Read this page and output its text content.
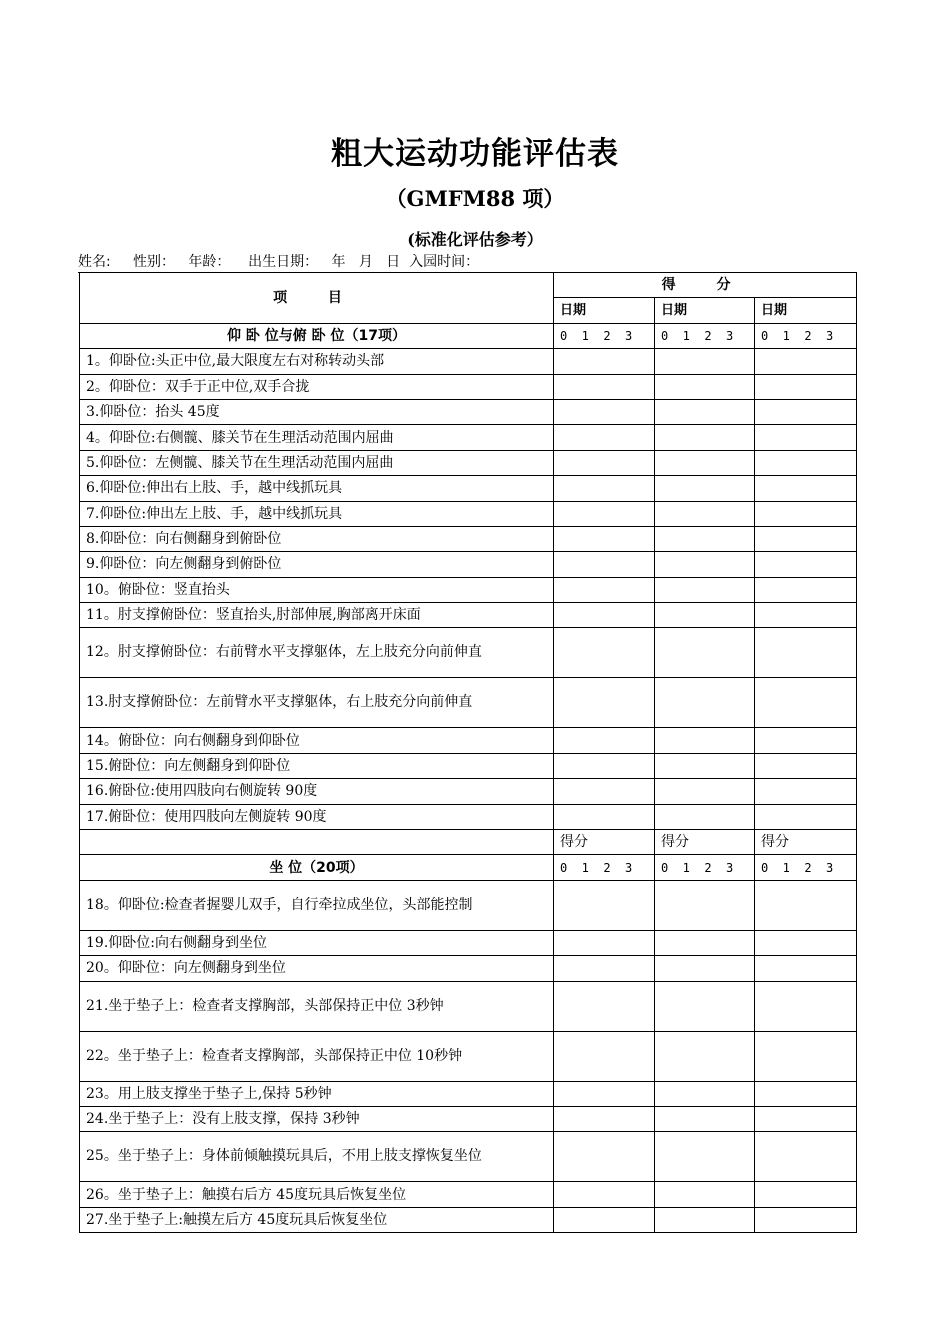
粗大运动功能评估表
（GMFM88 项）
(标准化评估参考）
姓名:     性别：   年龄：    出生日期：   年   月   日  入园时间：
项 目	得 分		
	日期	日期	日期
仰 卧 位与俯 卧 位（17项）	0  1  2  3	0  1  2  3	0  1  2  3
1。仰卧位:头正中位,最大限度左右对称转动头部			
2。仰卧位：双手于正中位,双手合拢			
3.仰卧位：抬头 45度			
4。仰卧位:右侧髋、膝关节在生理活动范围内屈曲			
5.仰卧位：左侧髋、膝关节在生理活动范围内屈曲			
6.仰卧位:伸出右上肢、手，越中线抓玩具			
7.仰卧位:伸出左上肢、手，越中线抓玩具			
8.仰卧位：向右侧翻身到俯卧位			
9.仰卧位：向左侧翻身到俯卧位			
10。俯卧位：竖直抬头			
11。肘支撑俯卧位：竖直抬头,肘部伸展,胸部离开床面			
12。肘支撑俯卧位：右前臂水平支撑躯体，左上肢充分向前伸直			
13.肘支撑俯卧位：左前臂水平支撑躯体，右上肢充分向前伸直			
14。俯卧位：向右侧翻身到仰卧位			
15.俯卧位：向左侧翻身到仰卧位			
16.俯卧位:使用四肢向右侧旋转 90度			
17.俯卧位：使用四肢向左侧旋转 90度			
	得分	得分	得分
坐 位（20项）	0  1  2  3	0  1  2  3	0  1  2  3
18。仰卧位:检查者握婴儿双手，自行牵拉成坐位，头部能控制			
19.仰卧位:向右侧翻身到坐位			
20。仰卧位：向左侧翻身到坐位			
21.坐于垫子上：检查者支撑胸部，头部保持正中位 3秒钟			
22。坐于垫子上：检查者支撑胸部，头部保持正中位 10秒钟			
23。用上肢支撑坐于垫子上,保持 5秒钟			
24.坐于垫子上：没有上肢支撑，保持 3秒钟			
25。坐于垫子上：身体前倾触摸玩具后，不用上肢支撑恢复坐位			
26。坐于垫子上：触摸右后方 45度玩具后恢复坐位			
27.坐于垫子上:触摸左后方 45度玩具后恢复坐位			
